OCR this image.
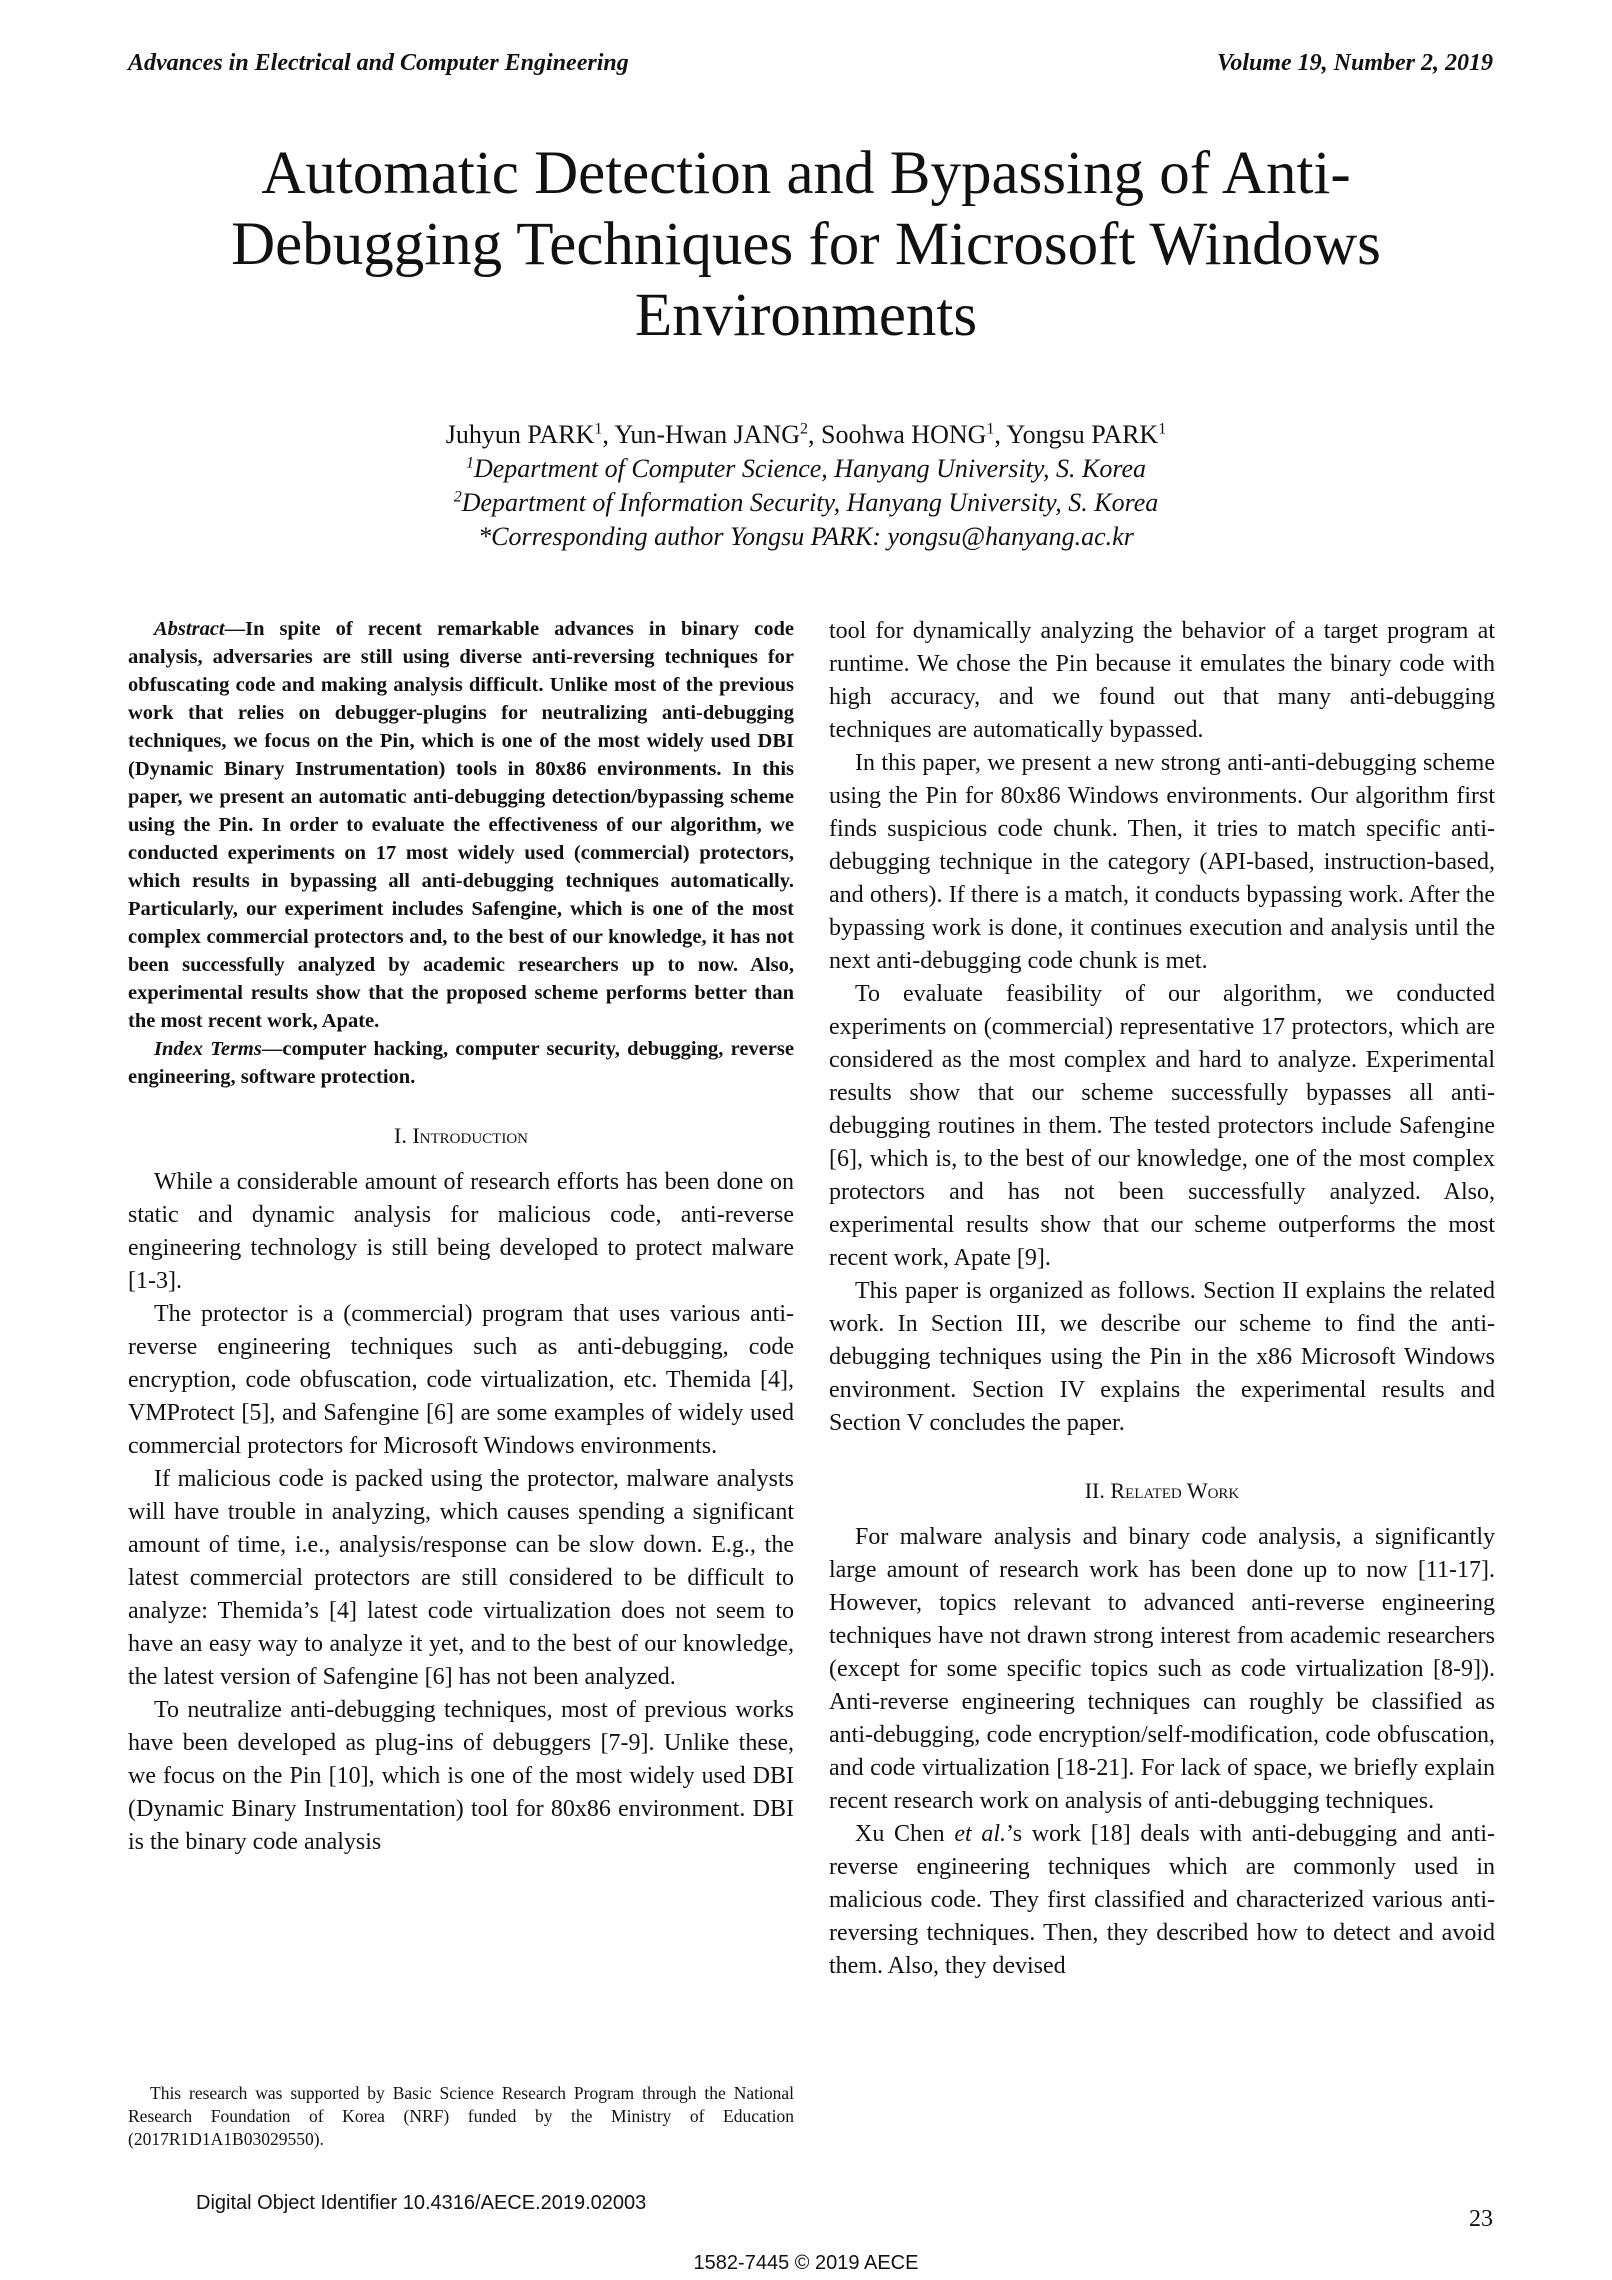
Advances in Electrical and Computer Engineering	Volume 19, Number 2, 2019
Automatic Detection and Bypassing of Anti-
Debugging Techniques for Microsoft Windows
Environments
Juhyun PARK$^1$, Yun-Hwan JANG$^2$, Soohwa HONG$^1$, Yongsu PARK$^1$
$^1$Department of Computer Science, Hanyang University, S. Korea
$^2$Department of Information Security, Hanyang University, S. Korea
*Corresponding author Yongsu PARK: yongsu@hanyang.ac.kr

Abstract—In spite of recent remarkable advances in binary code analysis, adversaries are still using diverse anti-reversing techniques for obfuscating code and making analysis difficult. Unlike most of the previous work that relies on debugger-plugins for neutralizing anti-debugging techniques, we focus on the Pin, which is one of the most widely used DBI (Dynamic Binary Instrumentation) tools in 80x86 environments. In this paper, we present an automatic anti-debugging detection/bypassing scheme using the Pin. In order to evaluate the effectiveness of our algorithm, we conducted experiments on 17 most widely used (commercial) protectors, which results in bypassing all anti-debugging techniques automatically. Particularly, our experiment includes Safengine, which is one of the most complex commercial protectors and, to the best of our knowledge, it has not been successfully analyzed by academic researchers up to now. Also, experimental results show that the proposed scheme performs better than the most recent work, Apate.

Index Terms—computer hacking, computer security, debugging, reverse engineering, software protection.

I. Introduction

While a considerable amount of research efforts has been done on static and dynamic analysis for malicious code, anti-reverse engineering technology is still being developed to protect malware [1-3].

The protector is a (commercial) program that uses various anti-reverse engineering techniques such as anti-debugging, code encryption, code obfuscation, code virtualization, etc. Themida [4], VMProtect [5], and Safengine [6] are some examples of widely used commercial protectors for Microsoft Windows environments.

If malicious code is packed using the protector, malware analysts will have trouble in analyzing, which causes spending a significant amount of time, i.e., analysis/response can be slow down. E.g., the latest commercial protectors are still considered to be difficult to analyze: Themida’s [4] latest code virtualization does not seem to have an easy way to analyze it yet, and to the best of our knowledge, the latest version of Safengine [6] has not been analyzed.

To neutralize anti-debugging techniques, most of previous works have been developed as plug-ins of debuggers [7-9]. Unlike these, we focus on the Pin [10], which is one of the most widely used DBI (Dynamic Binary Instrumentation) tool for 80x86 environment. DBI is the binary code analysis

tool for dynamically analyzing the behavior of a target program at runtime. We chose the Pin because it emulates the binary code with high accuracy, and we found out that many anti-debugging techniques are automatically bypassed.

In this paper, we present a new strong anti-anti-debugging scheme using the Pin for 80x86 Windows environments. Our algorithm first finds suspicious code chunk. Then, it tries to match specific anti-debugging technique in the category (API-based, instruction-based, and others). If there is a match, it conducts bypassing work. After the bypassing work is done, it continues execution and analysis until the next anti-debugging code chunk is met.

To evaluate feasibility of our algorithm, we conducted experiments on (commercial) representative 17 protectors, which are considered as the most complex and hard to analyze. Experimental results show that our scheme successfully bypasses all anti-debugging routines in them. The tested protectors include Safengine [6], which is, to the best of our knowledge, one of the most complex protectors and has not been successfully analyzed. Also, experimental results show that our scheme outperforms the most recent work, Apate [9].

This paper is organized as follows. Section II explains the related work. In Section III, we describe our scheme to find the anti-debugging techniques using the Pin in the x86 Microsoft Windows environment. Section IV explains the experimental results and Section V concludes the paper.

II. Related Work

For malware analysis and binary code analysis, a significantly large amount of research work has been done up to now [11-17]. However, topics relevant to advanced anti-reverse engineering techniques have not drawn strong interest from academic researchers (except for some specific topics such as code virtualization [8-9]). Anti-reverse engineering techniques can roughly be classified as anti-debugging, code encryption/self-modification, code obfuscation, and code virtualization [18-21]. For lack of space, we briefly explain recent research work on analysis of anti-debugging techniques.

Xu Chen et al.’s work [18] deals with anti-debugging and anti-reverse engineering techniques which are commonly used in malicious code. They first classified and characterized various anti-reversing techniques. Then, they described how to detect and avoid them. Also, they devised

This research was supported by Basic Science Research Program through the National Research Foundation of Korea (NRF) funded by the Ministry of Education (2017R1D1A1B03029550).
Digital Object Identifier 10.4316/AECE.2019.02003
23
1582-7445 © 2019 AECE
